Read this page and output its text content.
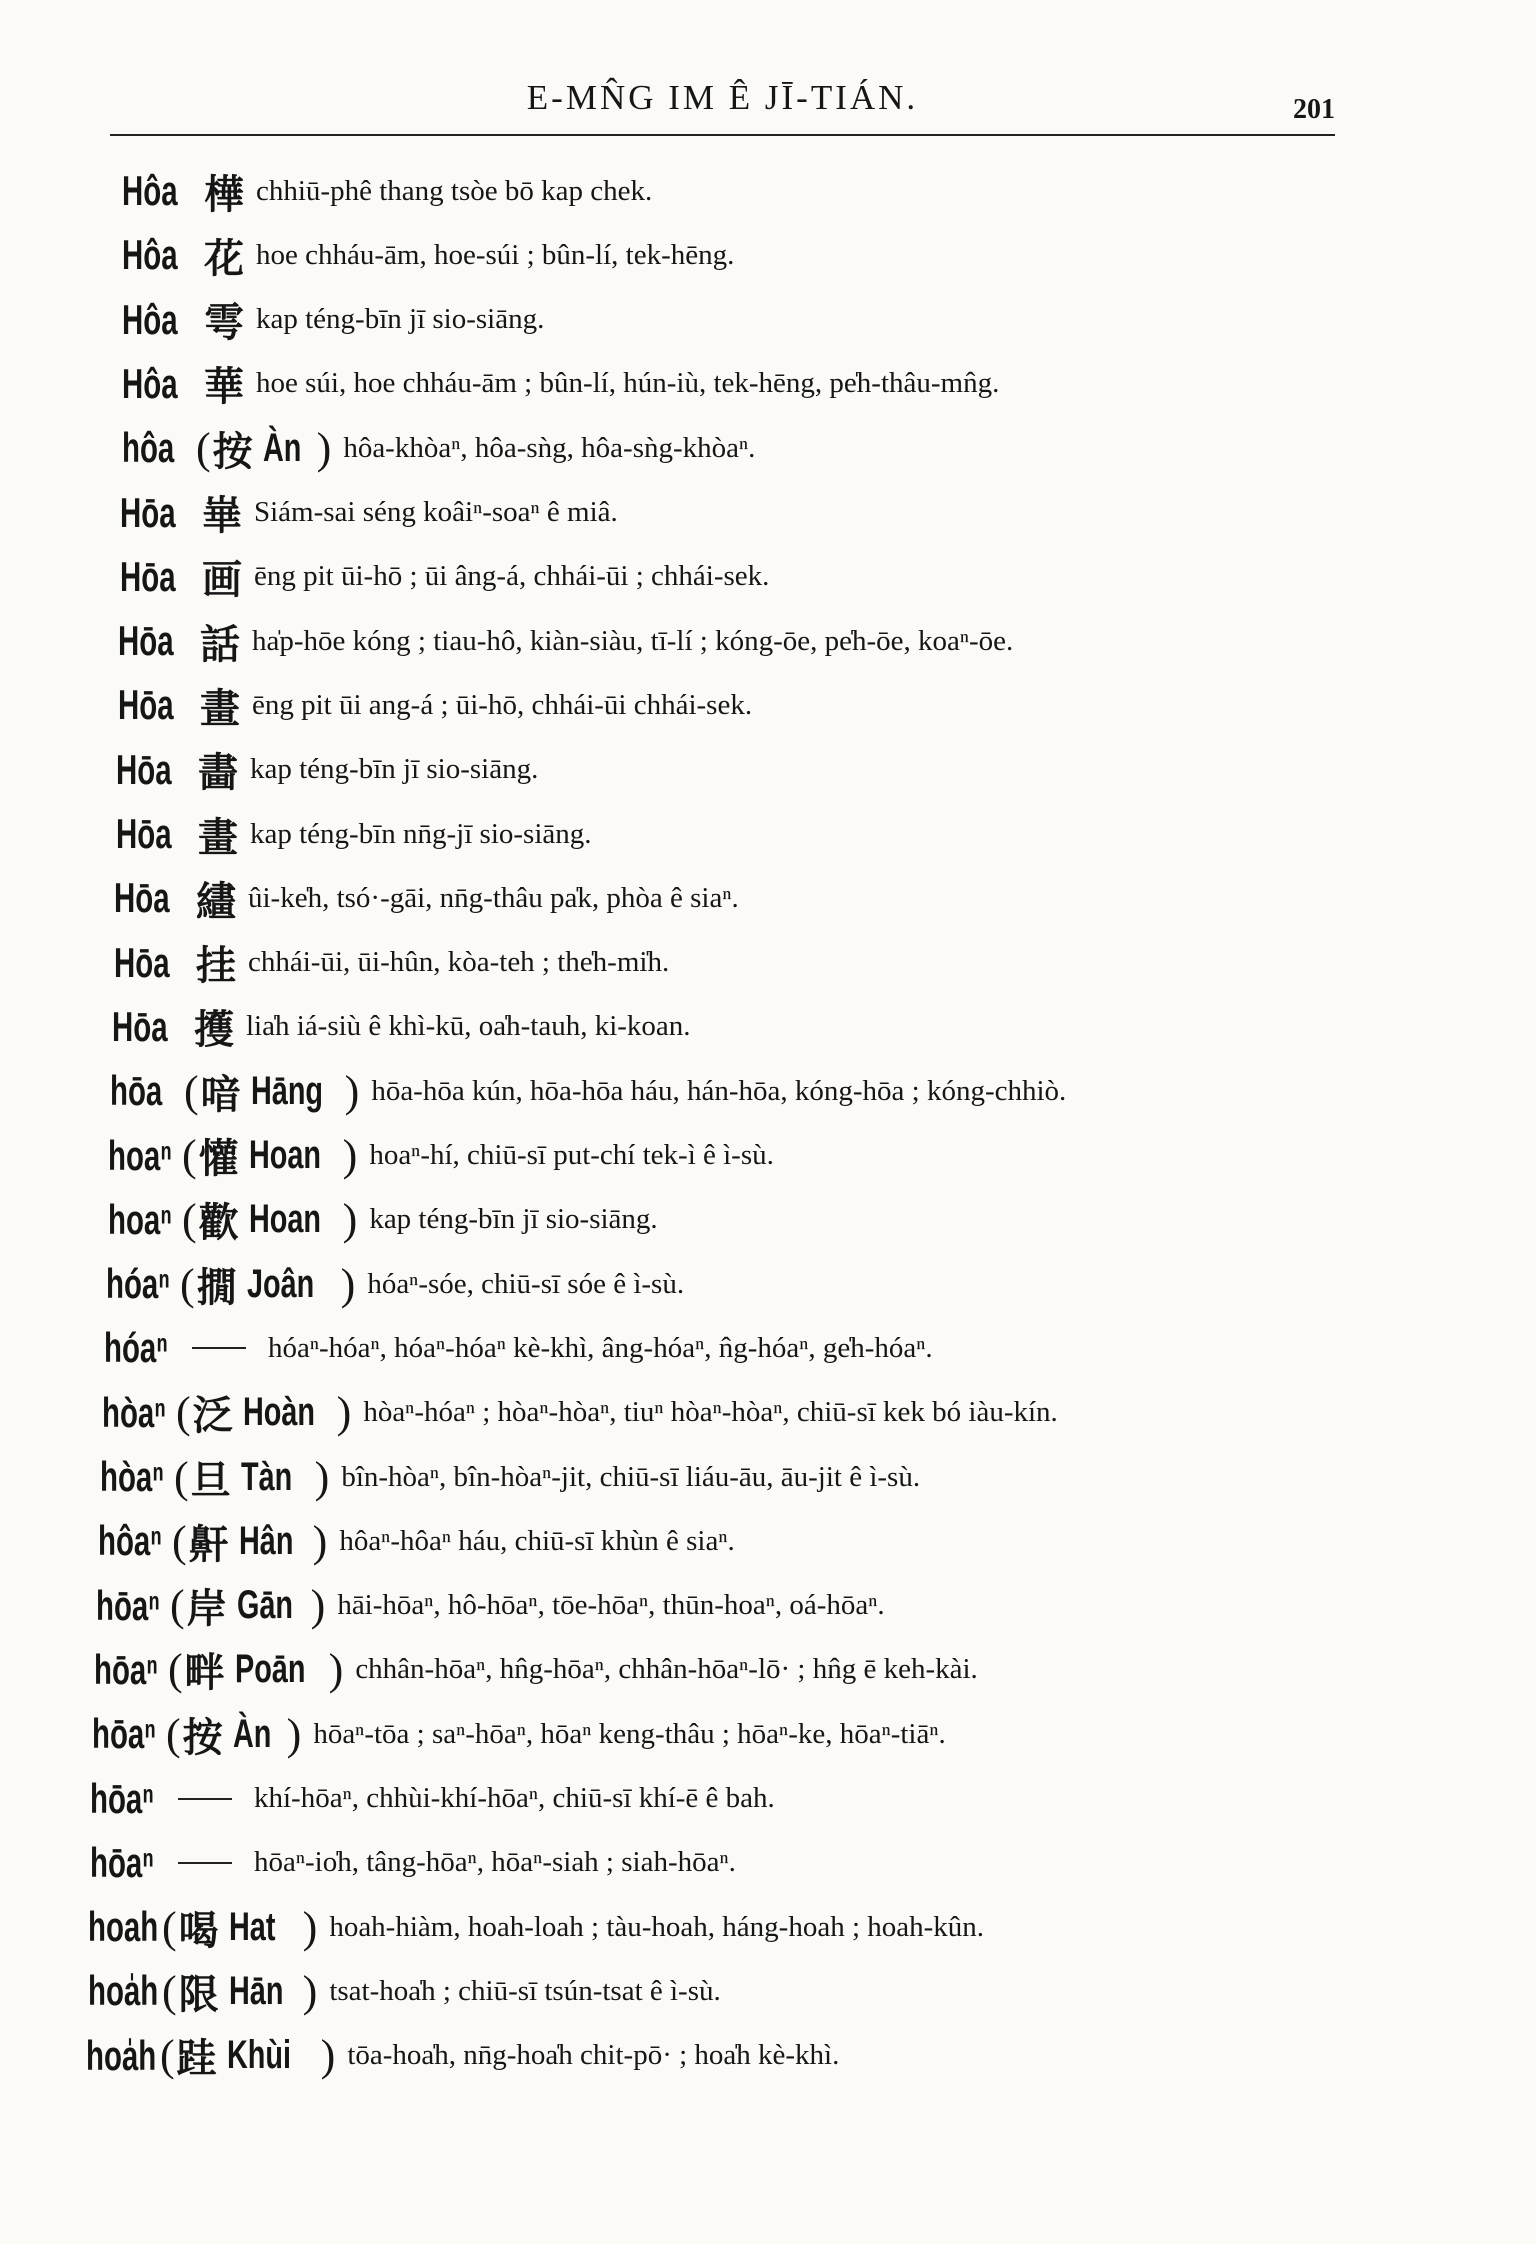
E-MN̂G IM Ê JĪ-TIÁN.	201
Hôa 樺 chhiū-phê thang tsòe bō kap chek.
Hôa 花 hoe chháu-ām, hoe-súi ; bûn-lí, tek-hēng.
Hôa 雩 kap téng-bīn jī sio-siāng.
Hôa 華 hoe súi, hoe chháu-ām ; bûn-lí, hún-iù, tek-hēng, pe̍h-thâu-mn̂g.
hôa ( 按 Àn ) hôa-khòaⁿ, hôa-sǹg, hôa-sǹg-khòaⁿ.
Hōa 崋 Siám-sai séng koâiⁿ-soaⁿ ê miâ.
Hōa 画 ēng pit ūi-hō ; ūi âng-á, chhái-ūi ; chhái-sek.
Hōa 話 ha̍p-hōe kóng ; tiau-hô, kiàn-siàu, tī-lí ; kóng-ōe, pe̍h-ōe, koaⁿ-ōe.
Hōa 畫 ēng pit ūi ang-á ; ūi-hō, chhái-ūi chhái-sek.
Hōa 畵 kap téng-bīn jī sio-siāng.
Hōa 畫 kap téng-bīn nn̄g-jī sio-siāng.
Hōa 繣 ûi-ke̍h, tsó·-gāi, nn̄g-thâu pa̍k, phòa ê siaⁿ.
Hōa 挂 chhái-ūi, ūi-hûn, kòa-teh ; the̍h-mi̍h.
Hōa 擭 lia̍h iá-siù ê khì-kū, oa̍h-tauh, ki-koan.
hōa ( 喑 Hāng ) hōa-hōa kún, hōa-hōa háu, hán-hōa, kóng-hōa ; kóng-chhiò.
hoaⁿ ( 懽 Hoan ) hoaⁿ-hí, chiū-sī put-chí tek-ì ê ì-sù.
hoaⁿ ( 歡 Hoan ) kap téng-bīn jī sio-siāng.
hóaⁿ ( 撊 Joân ) hóaⁿ-sóe, chiū-sī sóe ê ì-sù.
hóaⁿ	hóaⁿ-hóaⁿ, hóaⁿ-hóaⁿ kè-khì, âng-hóaⁿ, n̂g-hóaⁿ, ge̍h-hóaⁿ.
hòaⁿ ( 泛 Hoàn ) hòaⁿ-hóaⁿ ; hòaⁿ-hòaⁿ, tiuⁿ hòaⁿ-hòaⁿ, chiū-sī kek bó iàu-kín.
hòaⁿ ( 旦 Tàn ) bîn-hòaⁿ, bîn-hòaⁿ-jit, chiū-sī liáu-āu, āu-jit ê ì-sù.
hôaⁿ ( 鼾 Hân ) hôaⁿ-hôaⁿ háu, chiū-sī khùn ê siaⁿ.
hōaⁿ ( 岸 Gān ) hāi-hōaⁿ, hô-hōaⁿ, tōe-hōaⁿ, thūn-hoaⁿ, oá-hōaⁿ.
hōaⁿ ( 畔 Poān ) chhân-hōaⁿ, hn̂g-hōaⁿ, chhân-hōaⁿ-lō· ; hn̂g ē keh-kài.
hōaⁿ ( 按 Àn ) hōaⁿ-tōa ; saⁿ-hōaⁿ, hōaⁿ keng-thâu ; hōaⁿ-ke, hōaⁿ-tiāⁿ.
hōaⁿ	khí-hōaⁿ, chhùi-khí-hōaⁿ, chiū-sī khí-ē ê bah.
hōaⁿ	hōaⁿ-io̍h, tâng-hōaⁿ, hōaⁿ-siah ; siah-hōaⁿ.
hoah ( 喝 Hat ) hoah-hiàm, hoah-loah ; tàu-hoah, háng-hoah ; hoah-kûn.
hoa̍h ( 限 Hān ) tsat-hoa̍h ; chiū-sī tsún-tsat ê ì-sù.
hoa̍h ( 跬 Khùi ) tōa-hoa̍h, nn̄g-hoa̍h chit-pō· ; hoa̍h kè-khì.
